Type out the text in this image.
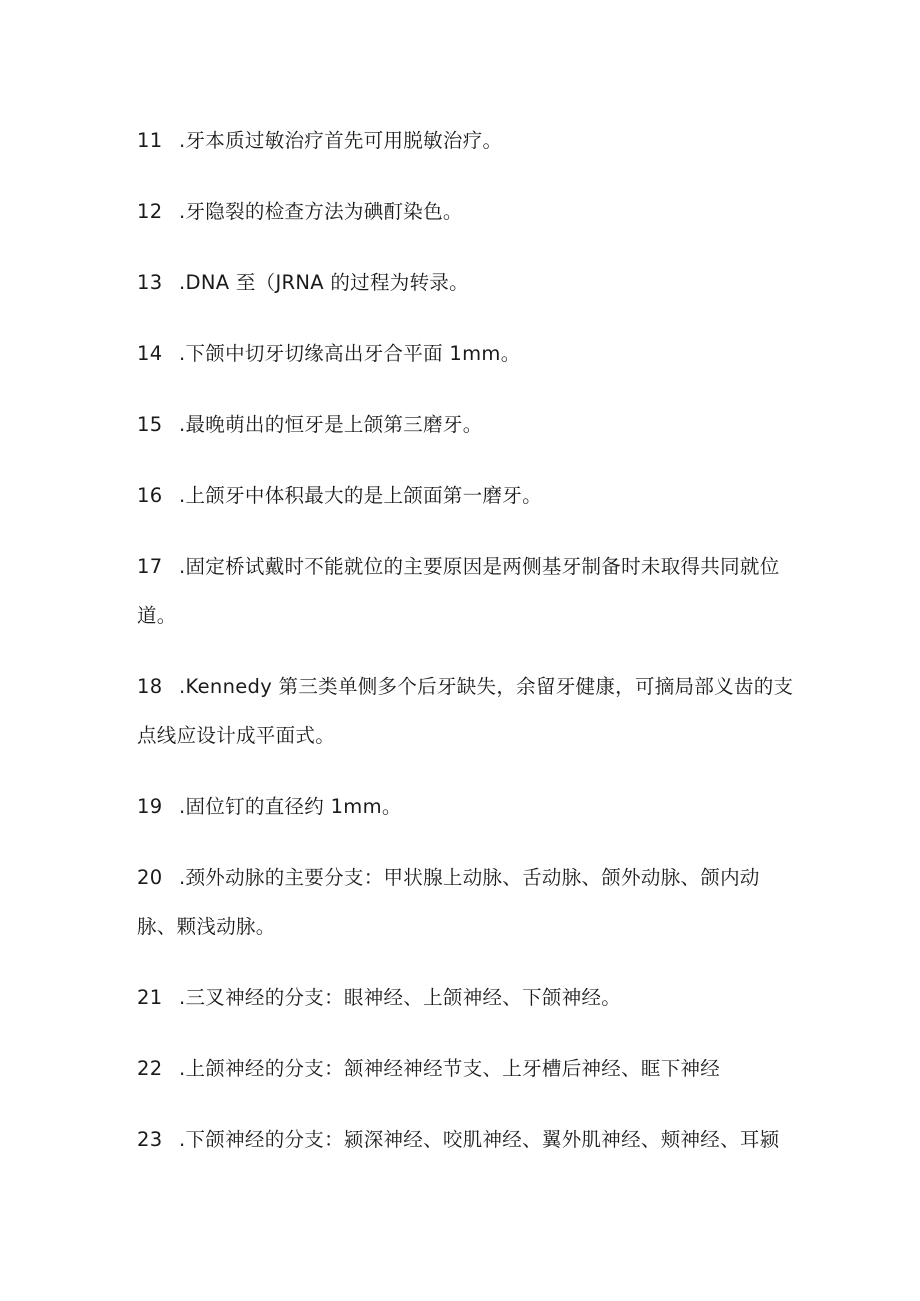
11 .牙本质过敏治疗首先可用脱敏治疗。
12 .牙隐裂的检查方法为碘酊染色。
13 .DNA 至（JRNA 的过程为转录。
14 .下颌中切牙切缘高出牙合平面 1mm。
15 .最晚萌出的恒牙是上颌第三磨牙。
16 .上颌牙中体积最大的是上颌面第一磨牙。
17 .固定桥试戴时不能就位的主要原因是两侧基牙制备时未取得共同就位道。
18 .Kennedy 第三类单侧多个后牙缺失，余留牙健康，可摘局部义齿的支点线应设计成平面式。
19 .固位钉的直径约 1mm。
20 .颈外动脉的主要分支：甲状腺上动脉、舌动脉、颌外动脉、颌内动脉、颗浅动脉。
21 .三叉神经的分支：眼神经、上颌神经、下颌神经。
22 .上颌神经的分支：颔神经神经节支、上牙槽后神经、眶下神经
23 .下颌神经的分支：颍深神经、咬肌神经、翼外肌神经、颊神经、耳颍
